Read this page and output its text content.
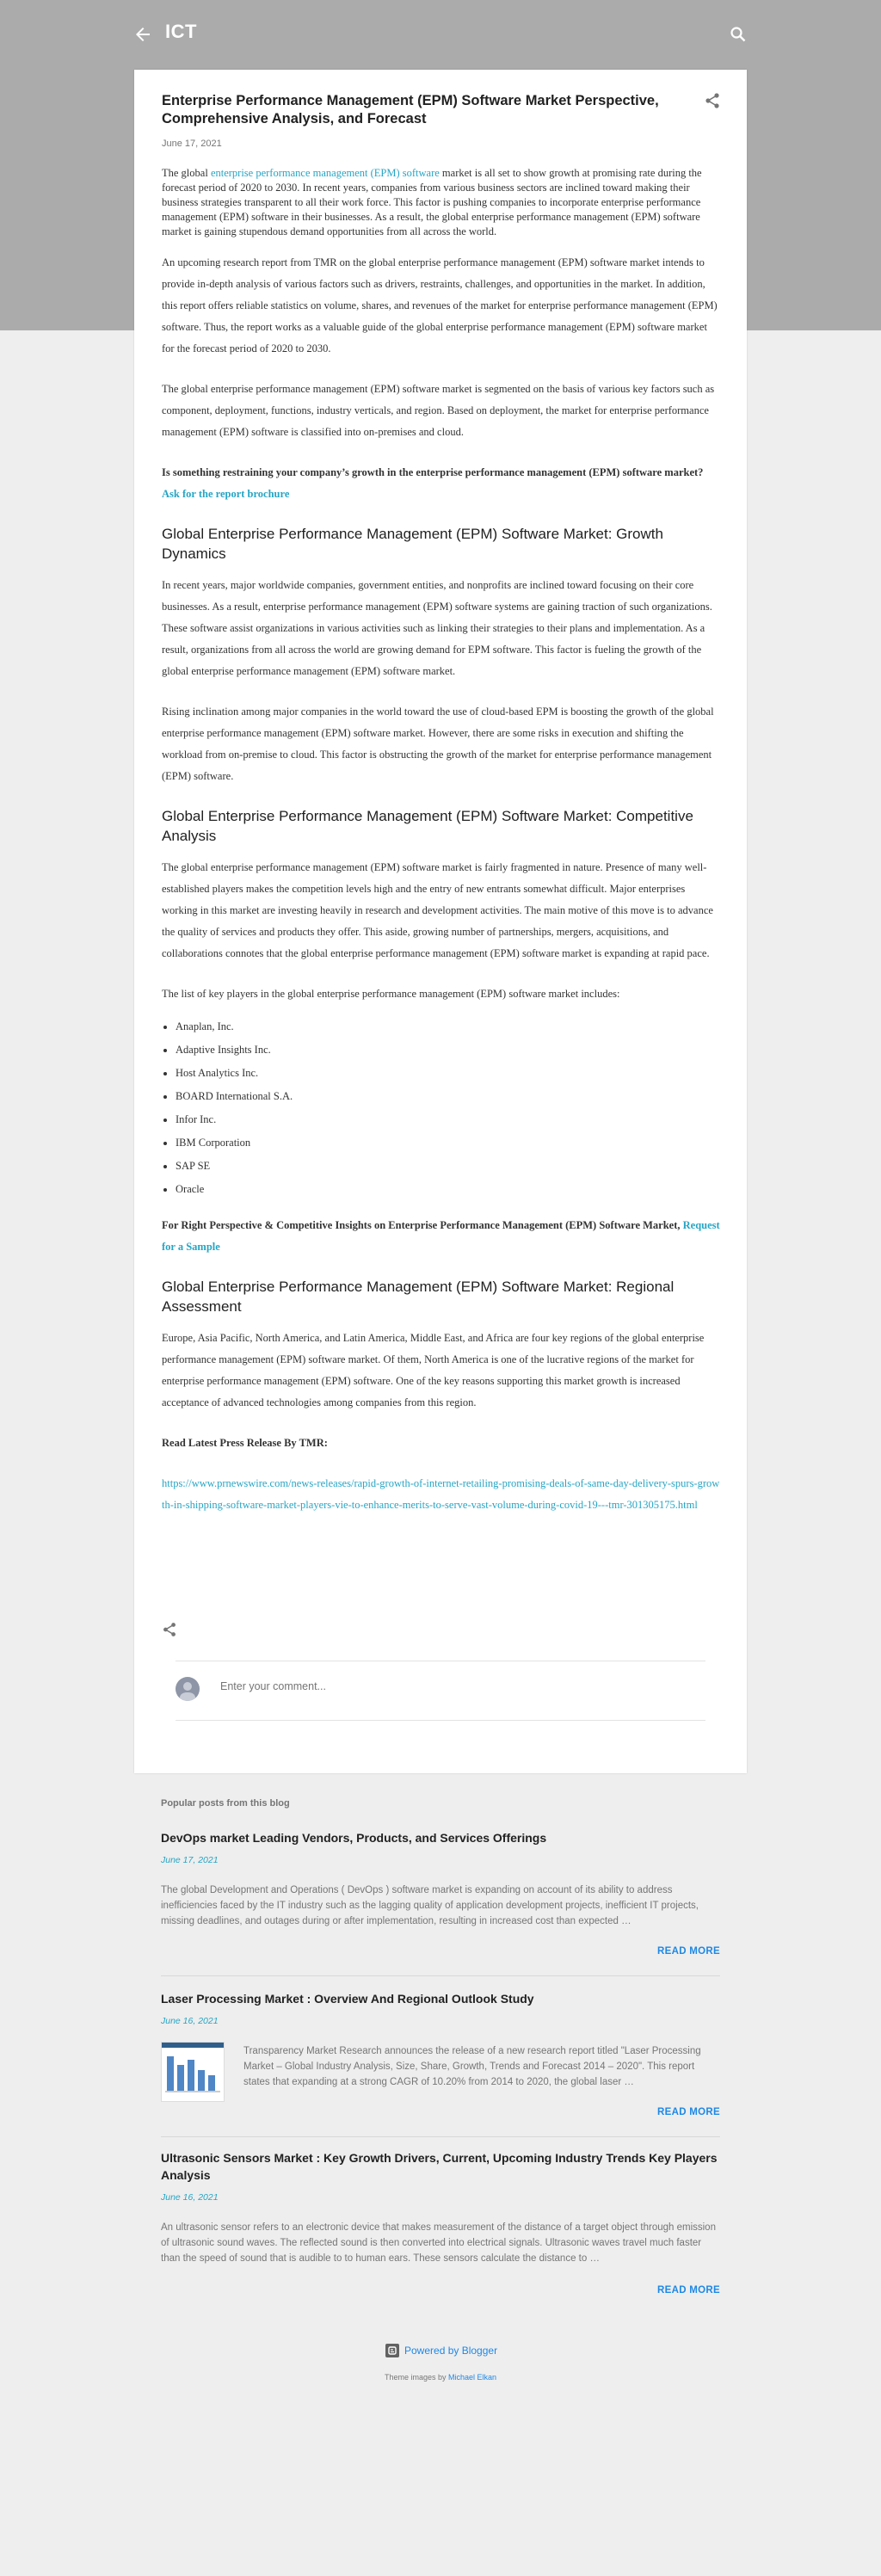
ICT
Enterprise Performance Management (EPM) Software Market Perspective, Comprehensive Analysis, and Forecast
June 17, 2021

The global enterprise performance management (EPM) software market is all set to show growth at promising rate during the forecast period of 2020 to 2030. In recent years, companies from various business sectors are inclined toward making their business strategies transparent to all their work force. This factor is pushing companies to incorporate enterprise performance management (EPM) software in their businesses. As a result, the global enterprise performance management (EPM) software market is gaining stupendous demand opportunities from all across the world.

An upcoming research report from TMR on the global enterprise performance management (EPM) software market intends to provide in-depth analysis of various factors such as drivers, restraints, challenges, and opportunities in the market. In addition, this report offers reliable statistics on volume, shares, and revenues of the market for enterprise performance management (EPM) software. Thus, the report works as a valuable guide of the global enterprise performance management (EPM) software market for the forecast period of 2020 to 2030.

The global enterprise performance management (EPM) software market is segmented on the basis of various key factors such as component, deployment, functions, industry verticals, and region. Based on deployment, the market for enterprise performance management (EPM) software is classified into on-premises and cloud.

Is something restraining your company’s growth in the enterprise performance management (EPM) software market? Ask for the report brochure

Global Enterprise Performance Management (EPM) Software Market: Growth Dynamics

In recent years, major worldwide companies, government entities, and nonprofits are inclined toward focusing on their core businesses. As a result, enterprise performance management (EPM) software systems are gaining traction of such organizations. These software assist organizations in various activities such as linking their strategies to their plans and implementation. As a result, organizations from all across the world are growing demand for EPM software. This factor is fueling the growth of the global enterprise performance management (EPM) software market.

Rising inclination among major companies in the world toward the use of cloud-based EPM is boosting the growth of the global enterprise performance management (EPM) software market. However, there are some risks in execution and shifting the workload from on-premise to cloud. This factor is obstructing the growth of the market for enterprise performance management (EPM) software.

Global Enterprise Performance Management (EPM) Software Market: Competitive Analysis

The global enterprise performance management (EPM) software market is fairly fragmented in nature. Presence of many well-established players makes the competition levels high and the entry of new entrants somewhat difficult. Major enterprises working in this market are investing heavily in research and development activities. The main motive of this move is to advance the quality of services and products they offer. This aside, growing number of partnerships, mergers, acquisitions, and collaborations connotes that the global enterprise performance management (EPM) software market is expanding at rapid pace.

The list of key players in the global enterprise performance management (EPM) software market includes:

• Anaplan, Inc.
• Adaptive Insights Inc.
• Host Analytics Inc.
• BOARD International S.A.
• Infor Inc.
• IBM Corporation
• SAP SE
• Oracle

For Right Perspective & Competitive Insights on Enterprise Performance Management (EPM) Software Market, Request for a Sample

Global Enterprise Performance Management (EPM) Software Market: Regional Assessment

Europe, Asia Pacific, North America, and Latin America, Middle East, and Africa are four key regions of the global enterprise performance management (EPM) software market. Of them, North America is one of the lucrative regions of the market for enterprise performance management (EPM) software. One of the key reasons supporting this market growth is increased acceptance of advanced technologies among companies from this region.

Read Latest Press Release By TMR:

https://www.prnewswire.com/news-releases/rapid-growth-of-internet-retailing-promising-deals-of-same-day-delivery-spurs-growth-in-shipping-software-market-players-vie-to-enhance-merits-to-serve-vast-volume-during-covid-19---tmr-301305175.html

Enter your comment...
Popular posts from this blog
DevOps market Leading Vendors, Products, and Services Offerings
June 17, 2021
The global Development and Operations ( DevOps ) software market is expanding on account of its ability to address inefficiencies faced by the IT industry such as the lagging quality of application development projects, inefficient IT projects, missing deadlines, and outages during or after implementation, resulting in increased cost than expected …
READ MORE
Laser Processing Market : Overview And Regional Outlook Study
June 16, 2021
Transparency Market Research announces the release of a new research report titled "Laser Processing Market – Global Industry Analysis, Size, Share, Growth, Trends and Forecast 2014 – 2020". This report states that expanding at a strong CAGR of 10.20% from 2014 to 2020, the global laser …
READ MORE
Ultrasonic Sensors Market : Key Growth Drivers, Current, Upcoming Industry Trends Key Players Analysis
June 16, 2021
An ultrasonic sensor refers to an electronic device that makes measurement of the distance of a target object through emission of ultrasonic sound waves. The reflected sound is then converted into electrical signals. Ultrasonic waves travel much faster than the speed of sound that is audible to to human ears. These sensors calculate the distance to …
READ MORE
Powered by Blogger
Theme images by Michael Elkan
